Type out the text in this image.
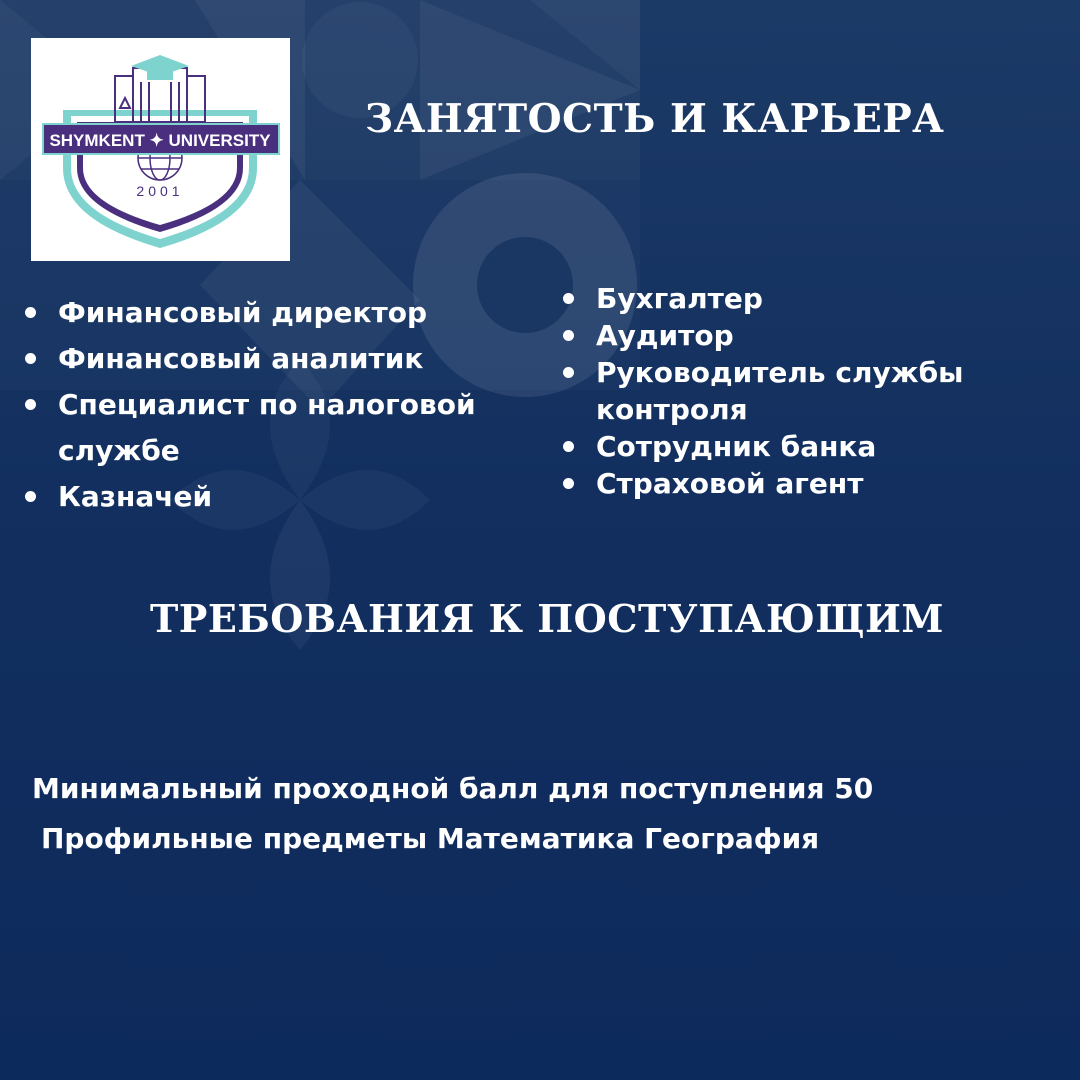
SHYMKENT ✦ UNIVERSITY
2001
ЗАНЯТОСТЬ И КАРЬЕРА
Финансовый директор
Финансовый аналитик
Специалист по налоговой службе
Казначей
Бухгалтер
Аудитор
Руководитель службы контроля
Сотрудник банка
Страховой агент
ТРЕБОВАНИЯ К ПОСТУПАЮЩИМ

Минимальный проходной балл для поступления 50

Профильные предметы Математика География
